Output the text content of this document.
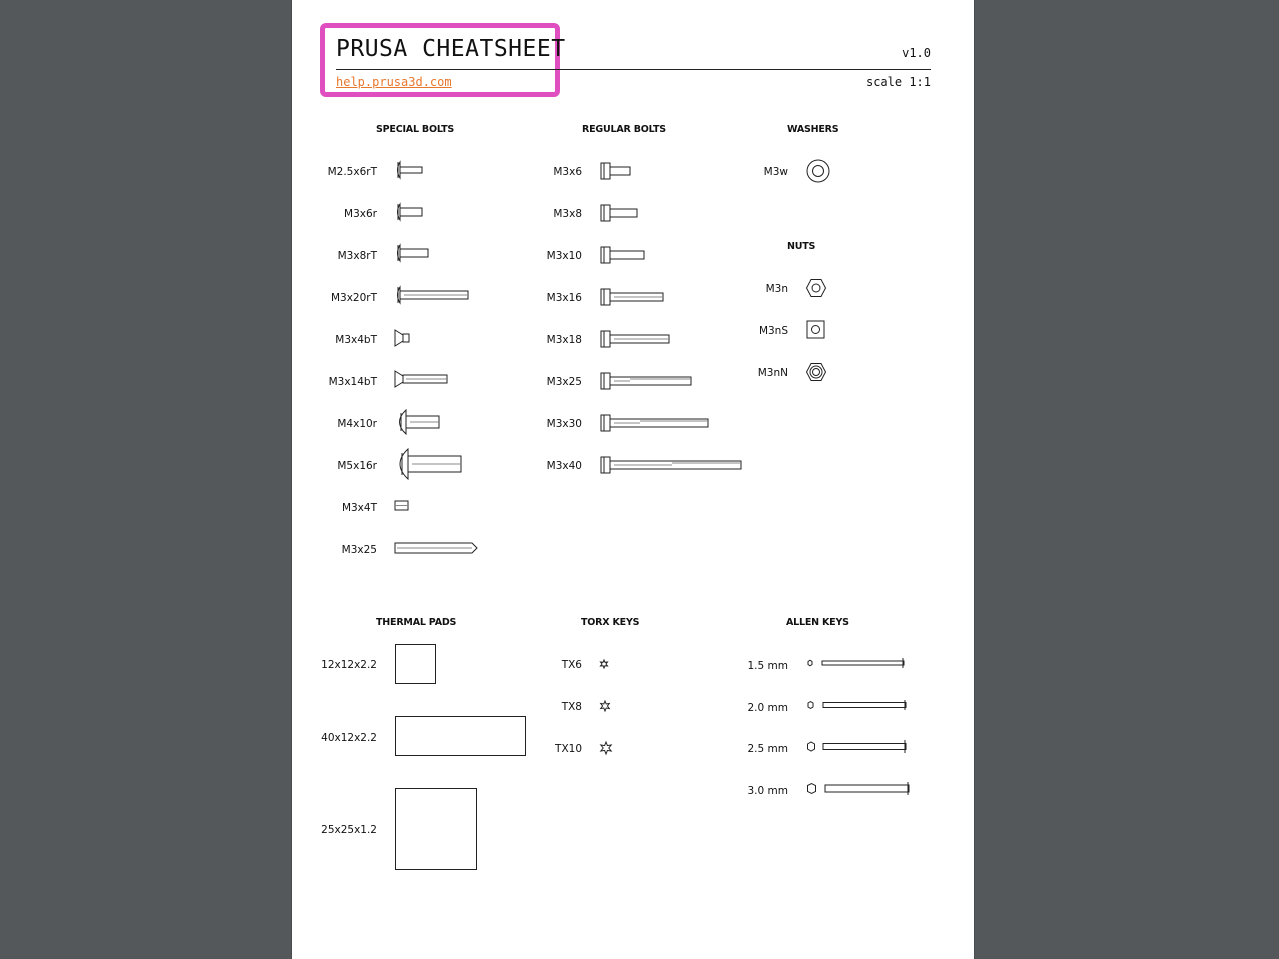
PRUSA CHEATSHEET
help.prusa3d.com
v1.0
scale 1:1
SPECIAL BOLTS
M2.5x6rT
M3x6r
M3x8rT
M3x20rT
M3x4bT
M3x14bT
M4x10r
M5x16r
M3x4T
M3x25
REGULAR BOLTS
M3x6
M3x8
M3x10
M3x16
M3x18
M3x25
M3x30
M3x40
WASHERS
M3w
NUTS
M3n
M3nS
M3nN
THERMAL PADS
12x12x2.2
40x12x2.2
25x25x1.2
TORX KEYS
TX6
TX8
TX10
ALLEN KEYS
1.5 mm
2.0 mm
2.5 mm
3.0 mm
